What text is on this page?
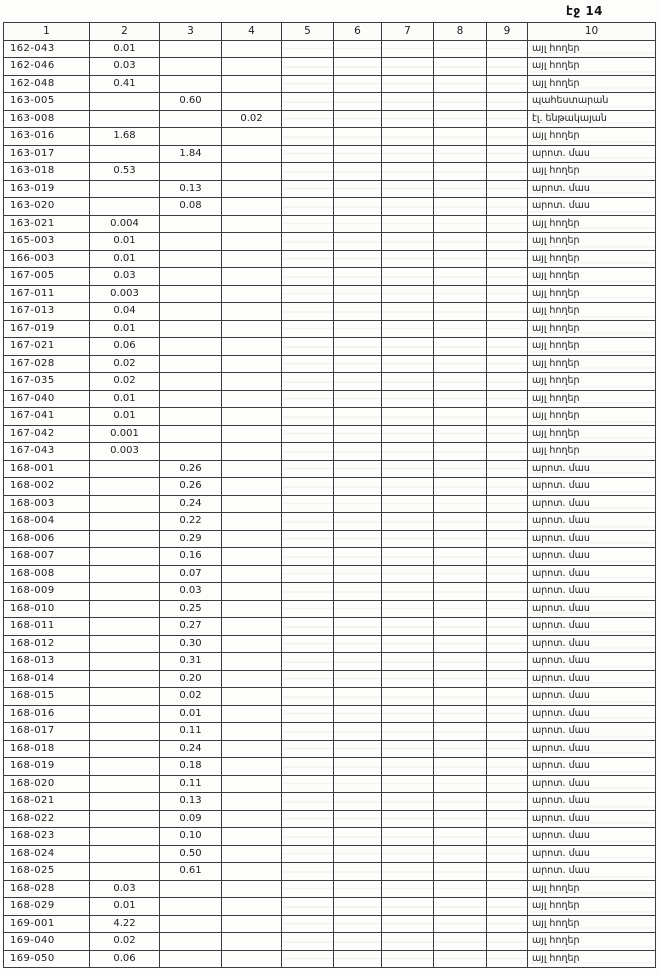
էջ 14
1	2	3	4	5	6	7	8	9	10
162-043	0.01								այլ հողեր
162-046	0.03								այլ հողեր
162-048	0.41								այլ հողեր
163-005		0.60							պահեստարան
163-008			0.02						էլ. ենթակայան
163-016	1.68								այլ հողեր
163-017		1.84							արոտ. մաս
163-018	0.53								այլ հողեր
163-019		0.13							արոտ. մաս
163-020		0.08							արոտ. մաս
163-021	0.004								այլ հողեր
165-003	0.01								այլ հողեր
166-003	0.01								այլ հողեր
167-005	0.03								այլ հողեր
167-011	0.003								այլ հողեր
167-013	0.04								այլ հողեր
167-019	0.01								այլ հողեր
167-021	0.06								այլ հողեր
167-028	0.02								այլ հողեր
167-035	0.02								այլ հողեր
167-040	0.01								այլ հողեր
167-041	0.01								այլ հողեր
167-042	0.001								այլ հողեր
167-043	0.003								այլ հողեր
168-001		0.26							արոտ. մաս
168-002		0.26							արոտ. մաս
168-003		0.24							արոտ. մաս
168-004		0.22							արոտ. մաս
168-006		0.29							արոտ. մաս
168-007		0.16							արոտ. մաս
168-008		0.07							արոտ. մաս
168-009		0.03							արոտ. մաս
168-010		0.25							արոտ. մաս
168-011		0.27							արոտ. մաս
168-012		0.30							արոտ. մաս
168-013		0.31							արոտ. մաս
168-014		0.20							արոտ. մաս
168-015		0.02							արոտ. մաս
168-016		0.01							արոտ. մաս
168-017		0.11							արոտ. մաս
168-018		0.24							արոտ. մաս
168-019		0.18							արոտ. մաս
168-020		0.11							արոտ. մաս
168-021		0.13							արոտ. մաս
168-022		0.09							արոտ. մաս
168-023		0.10							արոտ. մաս
168-024		0.50							արոտ. մաս
168-025		0.61							արոտ. մաս
168-028	0.03								այլ հողեր
168-029	0.01								այլ հողեր
169-001	4.22								այլ հողեր
169-040	0.02								այլ հողեր
169-050	0.06								այլ հողեր
